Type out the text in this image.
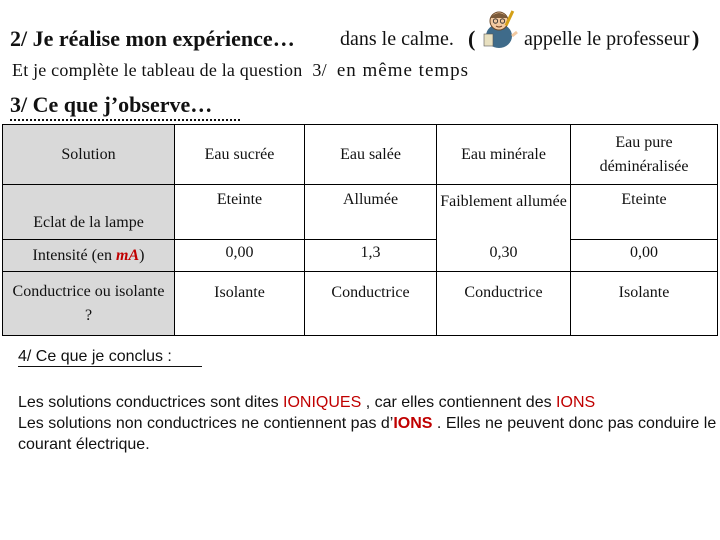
2/ Je réalise mon expérience… dans le calme. ( appelle le professeur )
Et je complète le tableau de la question 3/ en même temps
3/ Ce que j’observe…
Solution	Eau sucrée	Eau salée	Eau minérale	Eau pure déminéralisée
Eclat de la lampe	Eteinte	Allumée	Faiblement allumée	Eteinte
Intensité (en mA)	0,00	1,3	0,30	0,00
Conductrice ou isolante ?	Isolante	Conductrice	Conductrice	Isolante
4/ Ce que je conclus :
Les solutions conductrices sont dites IONIQUES , car elles contiennent des IONS
Les solutions non conductrices ne contiennent pas d’IONS . Elles ne peuvent donc pas conduire le courant électrique.
